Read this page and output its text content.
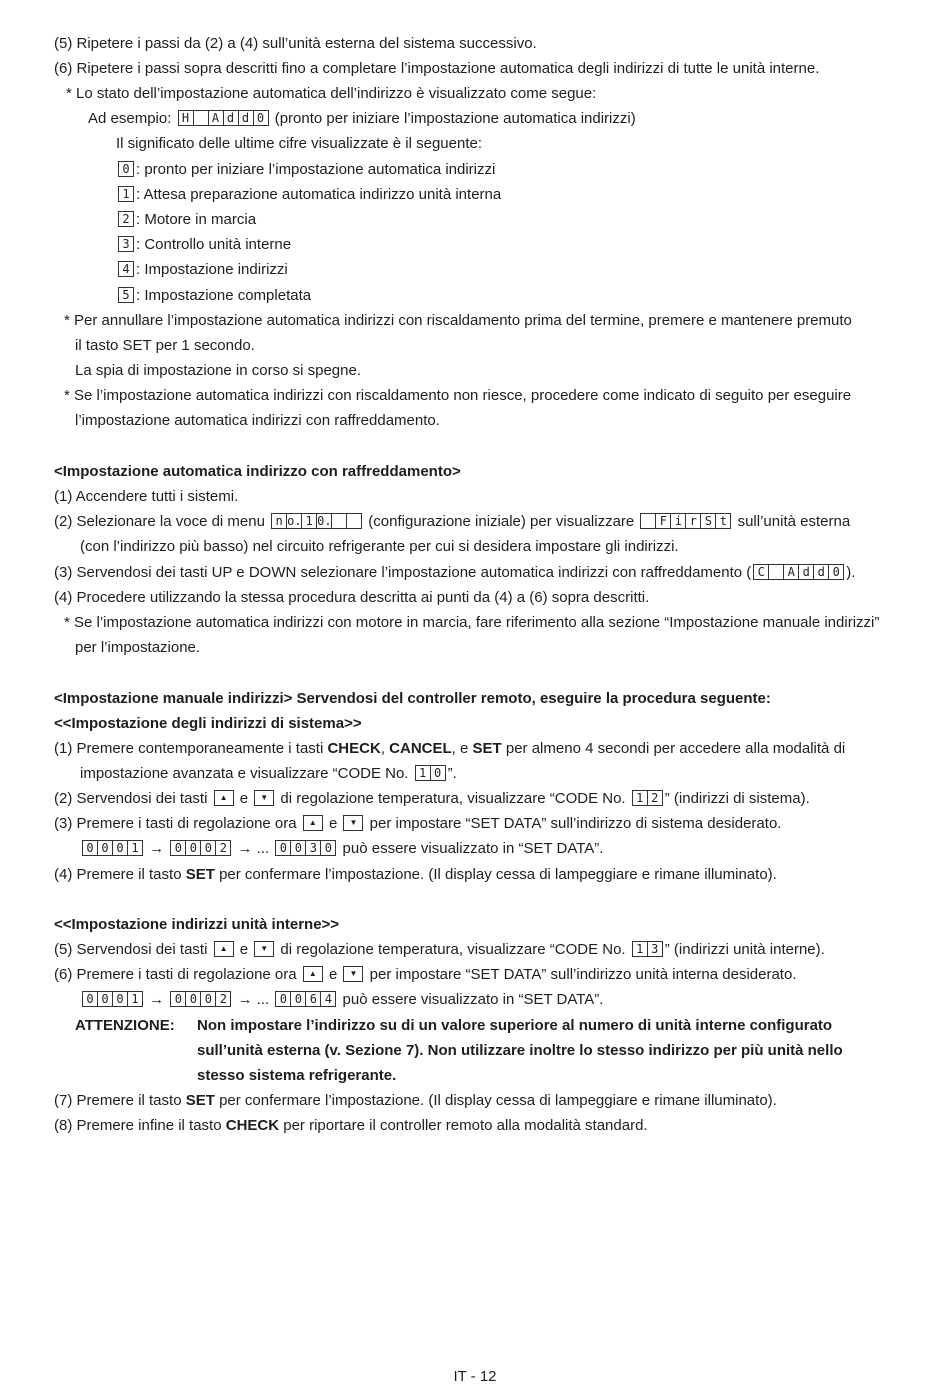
(5) Ripetere i passi da (2) a (4) sull’unità esterna del sistema successivo.
(6) Ripetere i passi sopra descritti fino a completare l’impostazione automatica degli indirizzi di tutte le unità interne.
* Lo stato dell’impostazione automatica dell’indirizzo è visualizzato come segue:
Ad esempio: H	A d d 0 (pronto per iniziare l’impostazione automatica indirizzi)
Il significato delle ultime cifre visualizzate è il seguente:
0 : pronto per iniziare l’impostazione automatica indirizzi
1 : Attesa preparazione automatica indirizzo unità interna
2 : Motore in marcia
3 : Controllo unità interne
4 : Impostazione indirizzi
5 : Impostazione completata
* Per annullare l’impostazione automatica indirizzi con riscaldamento prima del termine, premere e mantenere premuto
il tasto SET per 1 secondo.
La spia di impostazione in corso si spegne.
* Se l’impostazione automatica indirizzi con riscaldamento non riesce, procedere come indicato di seguito per eseguire
l’impostazione automatica indirizzi con raffreddamento.
<Impostazione automatica indirizzo con raffreddamento>
(1) Accendere tutti i sistemi.
(2) Selezionare la voce di menu n o. 1 0. (configurazione iniziale) per visualizzare	F i r S t sull’unità esterna
(con l’indirizzo più basso) nel circuito refrigerante per cui si desidera impostare gli indirizzi.
(3) Servendosi dei tasti UP e DOWN selezionare l’impostazione automatica indirizzi con raffreddamento ( C	A d d 0 ).
(4) Procedere utilizzando la stessa procedura descritta ai punti da (4) a (6) sopra descritti.
* Se l’impostazione automatica indirizzi con motore in marcia, fare riferimento alla sezione “Impostazione manuale indirizzi”
per l’impostazione.
<Impostazione manuale indirizzi> Servendosi del controller remoto, eseguire la procedura seguente:
<<Impostazione degli indirizzi di sistema>>
(1) Premere contemporaneamente i tasti CHECK, CANCEL, e SET per almeno 4 secondi per accedere alla modalità di
impostazione avanzata e visualizzare “CODE No. 1 0 ”.
(2) Servendosi dei tasti ▲ e ▼ di regolazione temperatura, visualizzare “CODE No. 1 2 ” (indirizzi di sistema).
(3) Premere i tasti di regolazione ora ▲ e ▼ per impostare “SET DATA” sull’indirizzo di sistema desiderato.
0 0 0 1 → 0 0 0 2 → ... 0 0 3 0 può essere visualizzato in “SET DATA”.
(4) Premere il tasto SET per confermare l’impostazione. (Il display cessa di lampeggiare e rimane illuminato).
<<Impostazione indirizzi unità interne>>
(5) Servendosi dei tasti ▲ e ▼ di regolazione temperatura, visualizzare “CODE No. 1 3 ” (indirizzi unità interne).
(6) Premere i tasti di regolazione ora ▲ e ▼ per impostare “SET DATA” sull’indirizzo unità interna desiderato.
0 0 0 1 → 0 0 0 2 → ... 0 0 6 4 può essere visualizzato in “SET DATA”.
ATTENZIONE: Non impostare l’indirizzo su di un valore superiore al numero di unità interne configurato
sull’unità esterna (v. Sezione 7). Non utilizzare inoltre lo stesso indirizzo per più unità nello
stesso sistema refrigerante.
(7) Premere il tasto SET per confermare l’impostazione. (Il display cessa di lampeggiare e rimane illuminato).
(8) Premere infine il tasto CHECK per riportare il controller remoto alla modalità standard.
IT - 12
